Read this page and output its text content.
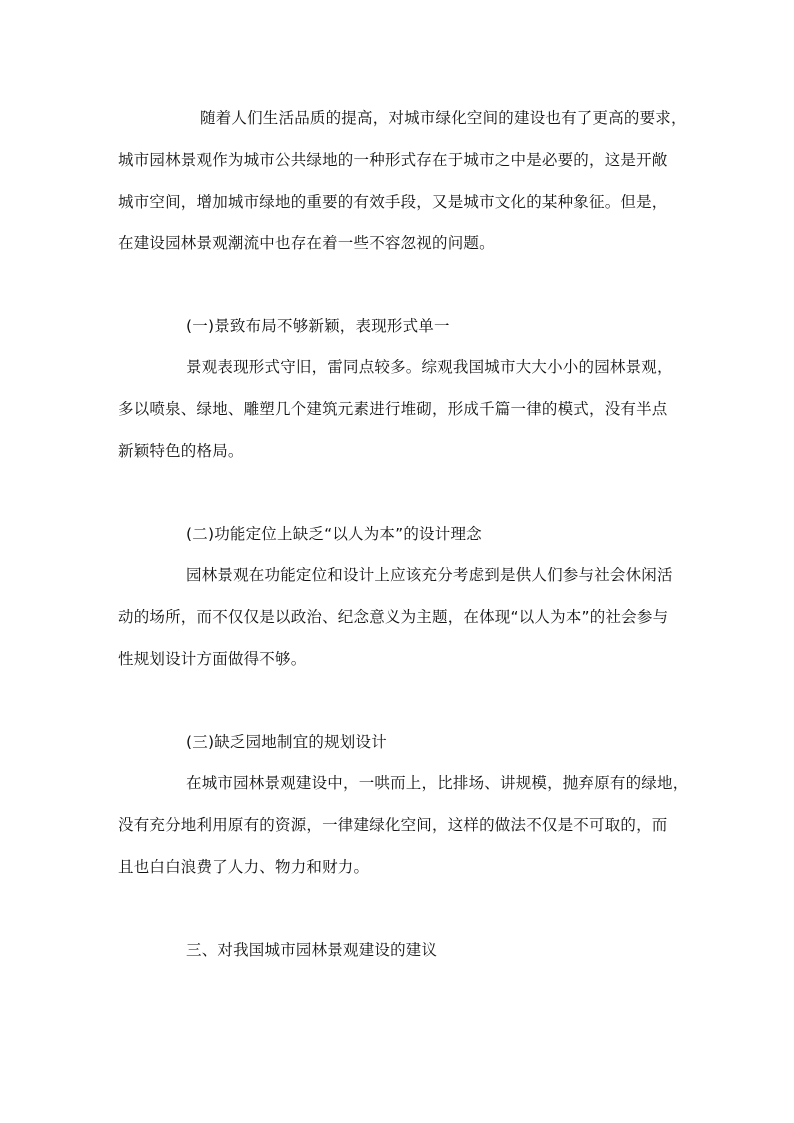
随着人们生活品质的提高，对城市绿化空间的建设也有了更高的要求，
城市园林景观作为城市公共绿地的一种形式存在于城市之中是必要的，这是开敞
城市空间，增加城市绿地的重要的有效手段，又是城市文化的某种象征。但是，
在建设园林景观潮流中也存在着一些不容忽视的问题。
(一)景致布局不够新颖，表现形式单一
景观表现形式守旧，雷同点较多。综观我国城市大大小小的园林景观，
多以喷泉、绿地、雕塑几个建筑元素进行堆砌，形成千篇一律的模式，没有半点
新颖特色的格局。
(二)功能定位上缺乏“以人为本”的设计理念
园林景观在功能定位和设计上应该充分考虑到是供人们参与社会休闲活
动的场所，而不仅仅是以政治、纪念意义为主题，在体现“以人为本”的社会参与
性规划设计方面做得不够。
(三)缺乏园地制宜的规划设计
在城市园林景观建设中，一哄而上，比排场、讲规模，抛弃原有的绿地，
没有充分地利用原有的资源，一律建绿化空间，这样的做法不仅是不可取的，而
且也白白浪费了人力、物力和财力。
三、对我国城市园林景观建设的建议
